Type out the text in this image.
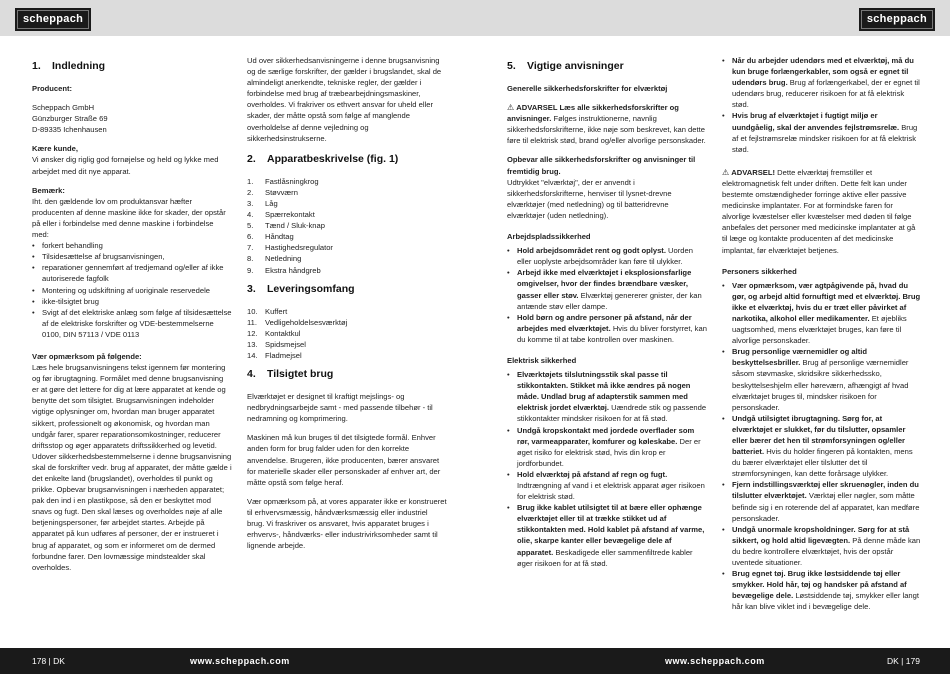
scheppach	scheppach
1.	Indledning

Producent:

Scheppach GmbH
Günzburger Straße 69
D-89335 Ichenhausen

Kære kunde,
Vi ønsker dig riglig god fornøjelse og held og lykke med arbejdet med dit nye apparat.

Bemærk:
Iht. den gældende lov om produktansvar hæfter producenten af denne maskine ikke for skader, der opstår på eller i forbindelse med denne maskine i forbindelse med:

• forkert behandling
• Tilsidesættelse af brugsanvisningen,
• reparationer gennemført af tredjemand og/eller af ikke autoriserede fagfolk
• Montering og udskiftning af uoriginale reservedele
• ikke-tilsigtet brug
• Svigt af det elektriske anlæg som følge af tilsidesættelse af de elektriske forskrifter og VDE-bestemmelserne 0100, DIN 57113 / VDE 0113

Vær opmærksom på følgende:
Læs hele brugsanvisningens tekst igennem før montering og før ibrugtagning. Formålet med denne brugsanvisning er at gøre det lettere for dig at lære apparatet at kende og benytte det som tilsigtet. Brugsanvisningen indeholder vigtige oplysninger om, hvordan man bruger apparatet sikkert, professionelt og økonomisk, og hvordan man undgår farer, sparer reparationsomkostninger, reducerer driftsstop og øger apparatets driftssikkerhed og levetid. Udover sikkerhedsbestemmelserne i denne brugsanvisning skal de forskrifter vedr. brug af apparatet, der måtte gælde i det enkelte land (brugslandet), overholdes til punkt og prikke. Opbevar brugsanvisningen i nærheden apparatet; pak den ind i en plastikpose, så den er beskyttet mod snavs og fugt. Den skal læses og overholdes nøje af alle betjeningspersoner, før arbejdet startes. Arbejde på apparatet på kun udføres af personer, der er instrueret i brug af apparatet, og som er informeret om de dermed forbundne farer. Den lovmæssige mindstealder skal overholdes.

Ud over sikkerhedsanvisningerne i denne brugsanvisning og de særlige forskrifter, der gælder i brugslandet, skal de almindeligt anerkendte, tekniske regler, der gælder i forbindelse med brug af træbearbejdningsmaskiner, overholdes. Vi frakriver os ethvert ansvar for uheld eller skader, der måtte opstå som følge af manglende overholdelse af denne vejledning og sikkerhedsinstrukserne.

2.	Apparatbeskrivelse (fig. 1)
1.	Fastlåsningkrog
2.	Støvværn
3.	Låg
4.	Spærrekontakt
5.	Tænd / Sluk-knap
6.	Håndtag
7.	Hastighedsregulator
8.	Netledning
9.	Ekstra håndgreb
3.	Leveringsomfang
10. Kuffert
11.	Vedligeholdelsesværktøj
12. Kontaktkul
13. Spidsmejsel
14. Fladmejsel
4.	Tilsigtet brug

Elværktøjet er designet til kraftigt mejslings- og nedbrydningsarbejde samt - med passende tilbehør - til nedramning og komprimering.

Maskinen må kun bruges til det tilsigtede formål. Enhver anden form for brug falder uden for den korrekte anvendelse. Brugeren, ikke producenten, bærer ansvaret for materielle skader eller personskader af enhver art, der måtte opstå som følge heraf.

Vær opmærksom på, at vores apparater ikke er konstrueret til erhvervsmæssig, håndværksmæssig eller industriel brug. Vi fraskriver os ansvaret, hvis apparatet bruges i erhvervs-, håndværks- eller industrivirksomheder samt til lignende arbejde.

5.	Vigtige anvisninger

Generelle sikkerhedsforskrifter for elværktøj

⚠ ADVARSEL Læs alle sikkerhedsforskrifter og anvisninger. Følges instruktionerne, navnlig sikkerhedsforskrifterne, ikke nøje som beskrevet, kan dette føre til elektrisk stød, brand og/eller alvorlige personskader.

Opbevar alle sikkerhedsforskrifter og anvisninger til fremtidig brug.
Udtrykket "elværktøj", der er anvendt i sikkerhedsforskrifterne, henviser til lysnet-drevne elværktøjer (med netledning) og til batteridrevne elværktøjer (uden netledning).

Arbejdspladssikkerhed
• Hold arbejdsområdet rent og godt oplyst. Uorden eller uoplyste arbejdsområder kan føre til ulykker.
• Arbejd ikke med elværktøjet i eksplosionsfarlige omgivelser, hvor der findes brændbare væsker, gasser eller støv. Elværktøj genererer gnister, der kan antænde støv eller dampe.
• Hold børn og andre personer på afstand, når der arbejdes med elværktøjet. Hvis du bliver forstyrret, kan du komme til at tabe kontrollen over maskinen.
Elektrisk sikkerhed
• Elværktøjets tilslutningsstik skal passe til stikkontakten. Stikket må ikke ændres på nogen måde. Undlad brug af adapterstik sammen med elektrisk jordet elværktøj. Uændrede stik og passende stikkontakter mindsker risikoen for at få stød.
• Undgå kropskontakt med jordede overflader som rør, varmeapparater, komfurer og køleskabe. Der er øget risiko for elektrisk stød, hvis din krop er jordforbundet.
• Hold elværktøj på afstand af regn og fugt. Indtrængning af vand i et elektrisk apparat øger risikoen for elektrisk stød.
• Brug ikke kablet utilsigtet til at bære eller ophænge elværktøjet eller til at trække stikket ud af stikkontakten med. Hold kablet på afstand af varme, olie, skarpe kanter eller bevægelige dele af apparatet. Beskadigede eller sammenfiltrede kabler øger risikoen for at få stød.
• Når du arbejder udendørs med et elværktøj, må du kun bruge forlængerkabler, som også er egnet til udendørs brug. Brug af forlængerkabel, der er egnet til udendørs brug, reducerer risikoen for at få elektrisk stød.
• Hvis brug af elværktøjet i fugtigt miljø er uundgåelig, skal der anvendes fejlstrømsrelæ. Brug af et fejlstrømsrelæ mindsker risikoen for at få elektrisk stød.

⚠ ADVARSEL! Dette elværktøj fremstiller et elektromagnetisk felt under driften. Dette felt kan under bestemte omstændigheder forringe aktive eller passive medicinske implantater. For at formindske faren for alvorlige kvæstelser eller kvæstelser med døden til følge anbefales det personer med medicinske implantater at gå til læge og kontakte producenten af det medicinske implantat, før elværktøjet betjenes.

Personers sikkerhed
• Vær opmærksom, vær agtpågivende på, hvad du gør, og arbejd altid fornuftigt med et elværktøj. Brug ikke et elværktøj, hvis du er træt eller påvirket af narkotika, alkohol eller medikamenter. Et øjebliks uagtsomhed, mens elværktøjet bruges, kan føre til alvorlige personskader.
• Brug personlige værnemidler og altid beskyttelsesbriller. Brug af personlige værnemidler såsom støvmaske, skridsikre sikkerhedssko, beskyttelseshjelm eller høreværn, afhængigt af hvad elværktøjet bruges til, mindsker risikoen for personskader.
• Undgå utilsigtet ibrugtagning. Sørg for, at elværktøjet er slukket, før du tilslutter, opsamler eller bærer det hen til strømforsyningen og/eller batteriet. Hvis du holder fingeren på kontakten, mens du bærer elværktøjet eller tilslutter det til strømforsyningen, kan dette forårsage ulykker.
• Fjern indstillingsværktøj eller skruenøgler, inden du tilslutter elværktøjet. Værktøj eller nøgler, som måtte befinde sig i en roterende del af apparatet, kan medføre personskader.
• Undgå unormale kropsholdninger. Sørg for at stå sikkert, og hold altid ligevægten. På denne måde kan du bedre kontrollere elværktøjet, hvis der opstår uventede situationer.
• Brug egnet tøj. Brug ikke løstsiddende tøj eller smykker. Hold hår, tøj og handsker på afstand af bevægelige dele. Løstsiddende tøj, smykker eller langt hår kan blive viklet ind i bevægelige dele.
178 | DK	www.scheppach.com	www.scheppach.com	DK | 179
